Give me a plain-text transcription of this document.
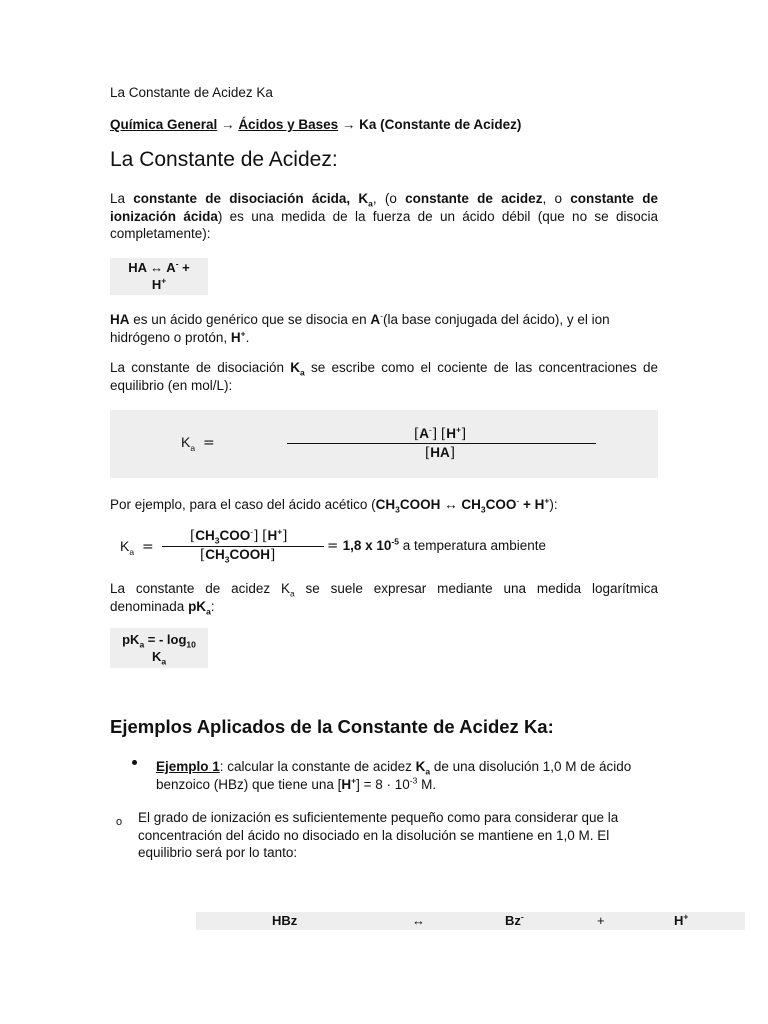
La Constante de Acidez Ka
Química General → Ácidos y Bases → Ka (Constante de Acidez)
La Constante de Acidez:
La constante de disociación ácida, $K_a$, (o constante de acidez, o constante de ionización ácida) es una medida de la fuerza de un ácido débil (que no se disocia completamente):
HA ↔ A- +
H+
HA es un ácido genérico que se disocia en A-(la base conjugada del ácido), y el ion hidrógeno o protón, H+.
La constante de disociación $K_a$ se escribe como el cociente de las concentraciones de equilibrio (en mol/L):
$K_a$ =
[A-] [H+]
[HA]
Por ejemplo, para el caso del ácido acético ($CH_3COOH$ ↔ $CH_3COO^- + H^+$):
$K_a$ =
$[CH_3COO^-]$ [H+]
$[CH_3COOH]$
= 1,8 x $10^{-5}$ a temperatura ambiente
La constante de acidez $K_a$ se suele expresar mediante una medida logarítmica denominada $pK_a$:
$pK_a$ = - $\log_{10}$
$K_a$
Ejemplos Aplicados de la Constante de Acidez Ka:
Ejemplo 1: calcular la constante de acidez $K_a$ de una disolución 1,0 M de ácido benzoico (HBz) que tiene una $[H^+] = 8 \cdot 10^{-3}$ M.
o El grado de ionización es suficientemente pequeño como para considerar que la concentración del ácido no disociado en la disolución se mantiene en 1,0 M. El equilibrio será por lo tanto:
HBz	↔	Bz-	+	H+
